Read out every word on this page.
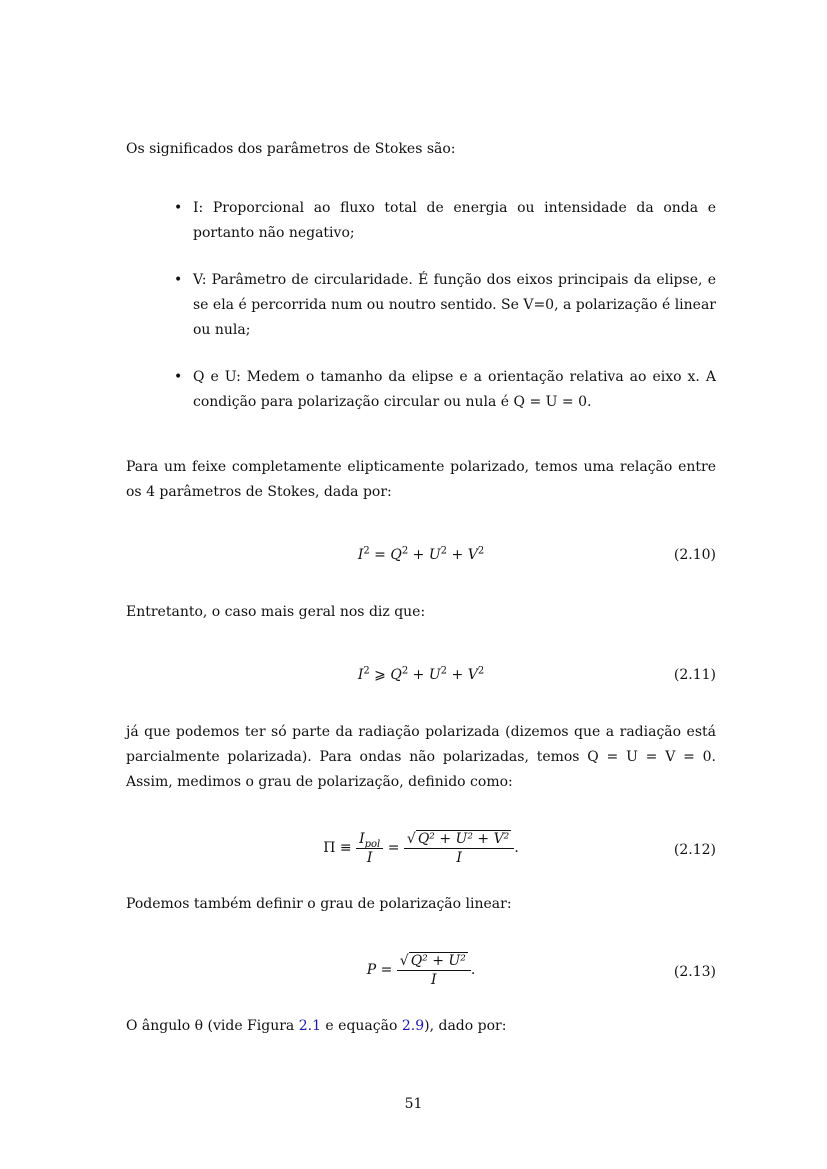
Os significados dos parâmetros de Stokes são:
• I: Proporcional ao fluxo total de energia ou intensidade da onda e portanto não negativo;
• V: Parâmetro de circularidade. É função dos eixos principais da elipse, e se ela é percorrida num ou noutro sentido. Se V=0, a polarização é linear ou nula;
• Q e U: Medem o tamanho da elipse e a orientação relativa ao eixo x. A condição para polarização circular ou nula é Q = U = 0.
Para um feixe completamente elipticamente polarizado, temos uma relação entre os 4 parâmetros de Stokes, dada por:
$I^2 = Q^2 + U^2 + V^2$	(2.10)
Entretanto, o caso mais geral nos diz que:
$I^2$ ⩾ $Q^2 + U^2 + V^2$	(2.11)
já que podemos ter só parte da radiação polarizada (dizemos que a radiação está parcialmente polarizada). Para ondas não polarizadas, temos Q = U = V = 0. Assim, medimos o grau de polarização, definido como:
$\Pi \equiv \frac{I_{pol}}{I} = \frac{\text{√ Q² + U² + V²}}{I}$ .	(2.12)
Podemos também definir o grau de polarização linear:
$P = \frac{\text{√ Q² + U²}}{I}$ .	(2.13)
O ângulo θ (vide Figura 2.1 e equação 2.9), dado por:
51
